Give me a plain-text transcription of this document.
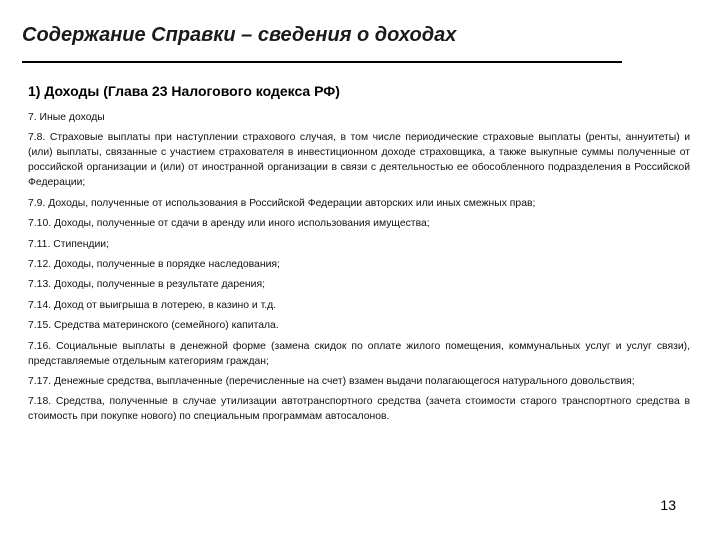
Содержание Справки – сведения о доходах
1) Доходы (Глава 23 Налогового кодекса РФ)

7. Иные доходы

7.8. Страховые выплаты при наступлении страхового случая, в том числе периодические страховые выплаты (ренты, аннуитеты) и (или) выплаты, связанные с участием страхователя в инвестиционном доходе страховщика, а также выкупные суммы полученные от российской организации и (или) от иностранной организации в связи с деятельностью ее обособленного подразделения в Российской Федерации;

7.9. Доходы, полученные от использования в Российской Федерации авторских или иных смежных прав;

7.10. Доходы, полученные от сдачи в аренду или иного использования имущества;

7.11. Стипендии;

7.12. Доходы, полученные в порядке наследования;

7.13. Доходы, полученные в результате дарения;

7.14. Доход от выигрыша в лотерею, в казино и т.д.

7.15. Средства материнского (семейного) капитала.

7.16. Социальные выплаты в денежной форме (замена скидок по оплате жилого помещения, коммунальных услуг и услуг связи), представляемые отдельным категориям граждан;

7.17. Денежные средства, выплаченные (перечисленные на счет) взамен выдачи полагающегося натурального довольствия;

7.18. Средства, полученные в случае утилизации автотранспортного средства (зачета стоимости старого транспортного средства в стоимость при покупке нового) по специальным программам автосалонов.

13
